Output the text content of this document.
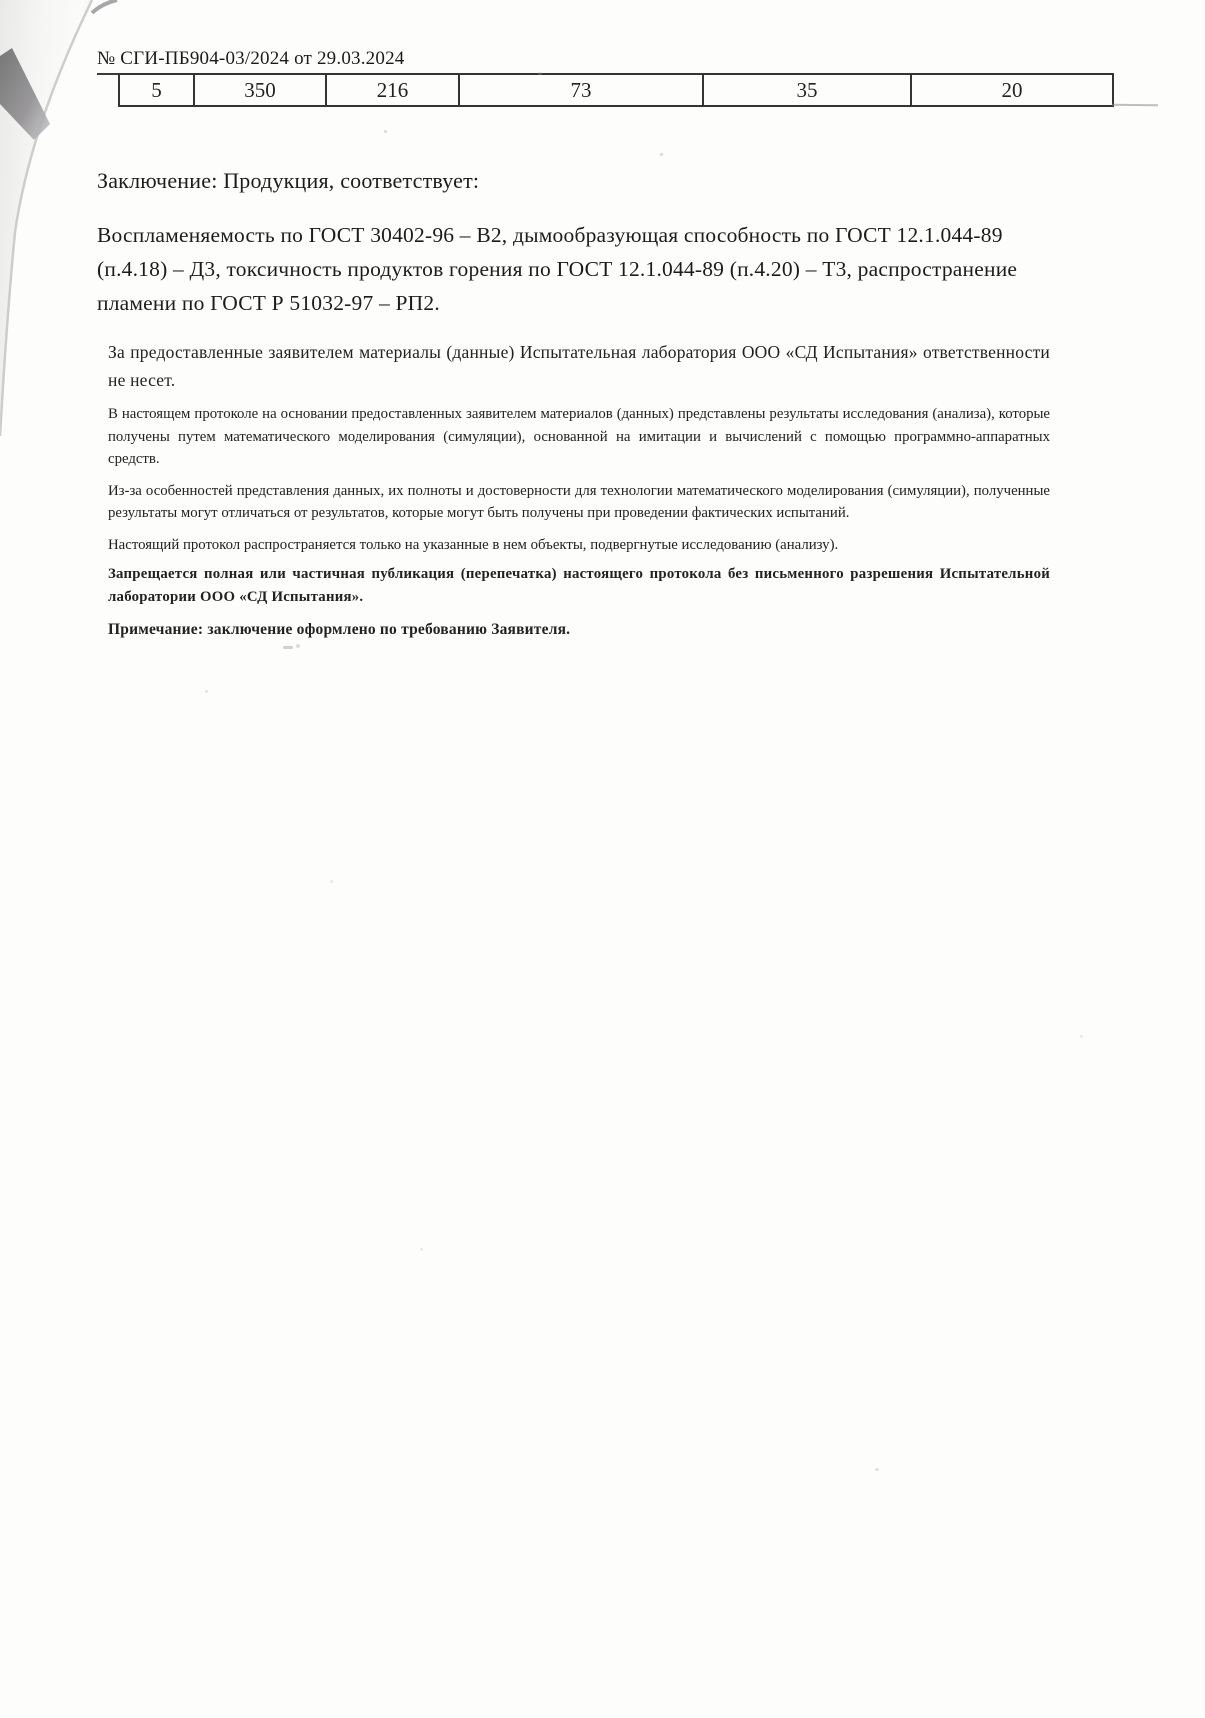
№ СГИ-ПБ904-03/2024 от 29.03.2024
5	350	216	73	35	20
Заключение: Продукция, соответствует:
Воспламеняемость по ГОСТ 30402-96 – В2, дымообразующая способность по ГОСТ 12.1.044-89 (п.4.18) – Д3, токсичность продуктов горения по ГОСТ 12.1.044-89 (п.4.20) – Т3, распространение пламени по ГОСТ Р 51032-97 – РП2.

За предоставленные заявителем материалы (данные) Испытательная лаборатория ООО «СД Испытания» ответственности не несет.

В настоящем протоколе на основании предоставленных заявителем материалов (данных) представлены результаты исследования (анализа), которые получены путем математического моделирования (симуляции), основанной на имитации и вычислений с помощью программно-аппаратных средств.

Из-за особенностей представления данных, их полноты и достоверности для технологии математического моделирования (симуляции), полученные результаты могут отличаться от результатов, которые могут быть получены при проведении фактических испытаний.

Настоящий протокол распространяется только на указанные в нем объекты, подвергнутые исследованию (анализу).

Запрещается полная или частичная публикация (перепечатка) настоящего протокола без письменного разрешения Испытательной лаборатории ООО «СД Испытания».

Примечание: заключение оформлено по требованию Заявителя.
